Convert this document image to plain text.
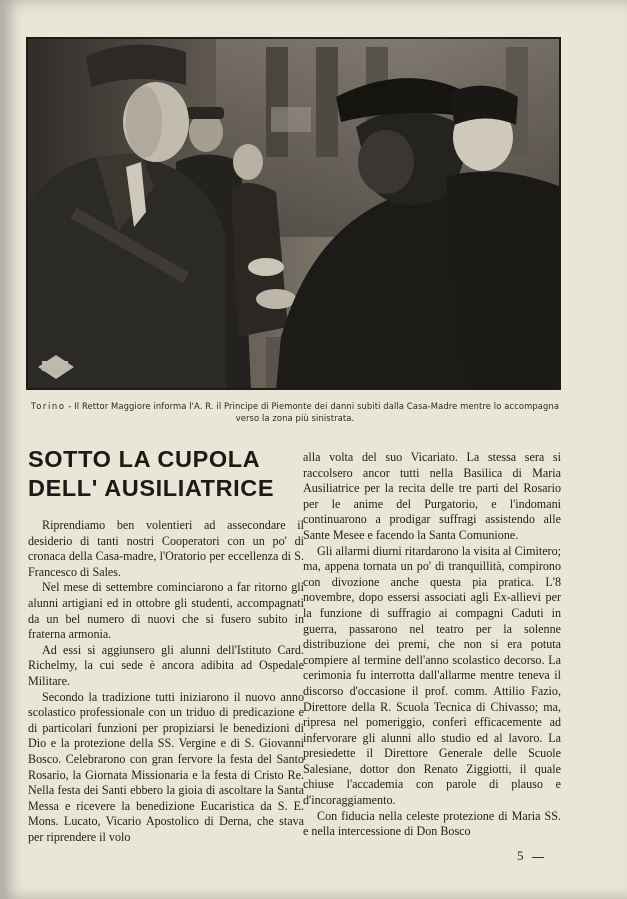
Torino - Il Rettor Maggiore informa l'A. R. il Principe di Piemonte dei danni subiti dalla Casa-Madre mentre lo accompagna verso la zona più sinistrata.
SOTTO LA CUPOLA
DELL' AUSILIATRICE

Riprendiamo ben volentieri ad assecondare il desiderio di tanti nostri Cooperatori con un po' di cronaca della Casa-madre, l'Oratorio per eccellenza di S. Francesco di Sales.

Nel mese di settembre cominciarono a far ritorno gli alunni artigiani ed in ottobre gli studenti, accompagnati da un bel numero di nuovi che si fusero subito in fraterna armonia.

Ad essi si aggiunsero gli alunni dell'Istituto Card. Richelmy, la cui sede è ancora adibita ad Ospedale Militare.

Secondo la tradizione tutti iniziarono il nuovo anno scolastico professionale con un triduo di predicazione e di particolari funzioni per propiziarsi le benedizioni di Dio e la protezione della SS. Vergine e di S. Giovanni Bosco. Celebrarono con gran fervore la festa del Santo Rosario, la Giornata Missionaria e la festa di Cristo Re. Nella festa dei Santi ebbero la gioia di ascoltare la Santa Messa e ricevere la benedizione Eucaristica da S. E. Mons. Lucato, Vicario Apostolico di Derna, che stava per riprendere il volo

alla volta del suo Vicariato. La stessa sera si raccolsero ancor tutti nella Basilica di Maria Ausiliatrice per la recita delle tre parti del Rosario per le anime del Purgatorio, e l'indomani continuarono a prodigar suffragi assistendo alle Sante Mesee e facendo la Santa Comunione.

Gli allarmi diurni ritardarono la visita al Cimitero; ma, appena tornata un po' di tranquillità, compirono con divozione anche questa pia pratica. L'8 novembre, dopo essersi associati agli Ex-allievi per la funzione di suffragio ai compagni Caduti in guerra, passarono nel teatro per la solenne distribuzione dei premi, che non si era potuta compiere al termine dell'anno scolastico decorso. La cerimonia fu interrotta dall'allarme mentre teneva il discorso d'occasione il prof. comm. Attilio Fazio, Direttore della R. Scuola Tecnica di Chivasso; ma, ripresa nel pomeriggio, conferì efficacemente ad infervorare gli alunni allo studio ed al lavoro. La presiedette il Direttore Generale delle Scuole Salesiane, dottor don Renato Ziggiotti, il quale chiuse l'accademia con parole di plauso e d'incoraggiamento.

Con fiducia nella celeste protezione di Maria SS. e nella intercessione di Don Bosco

5
